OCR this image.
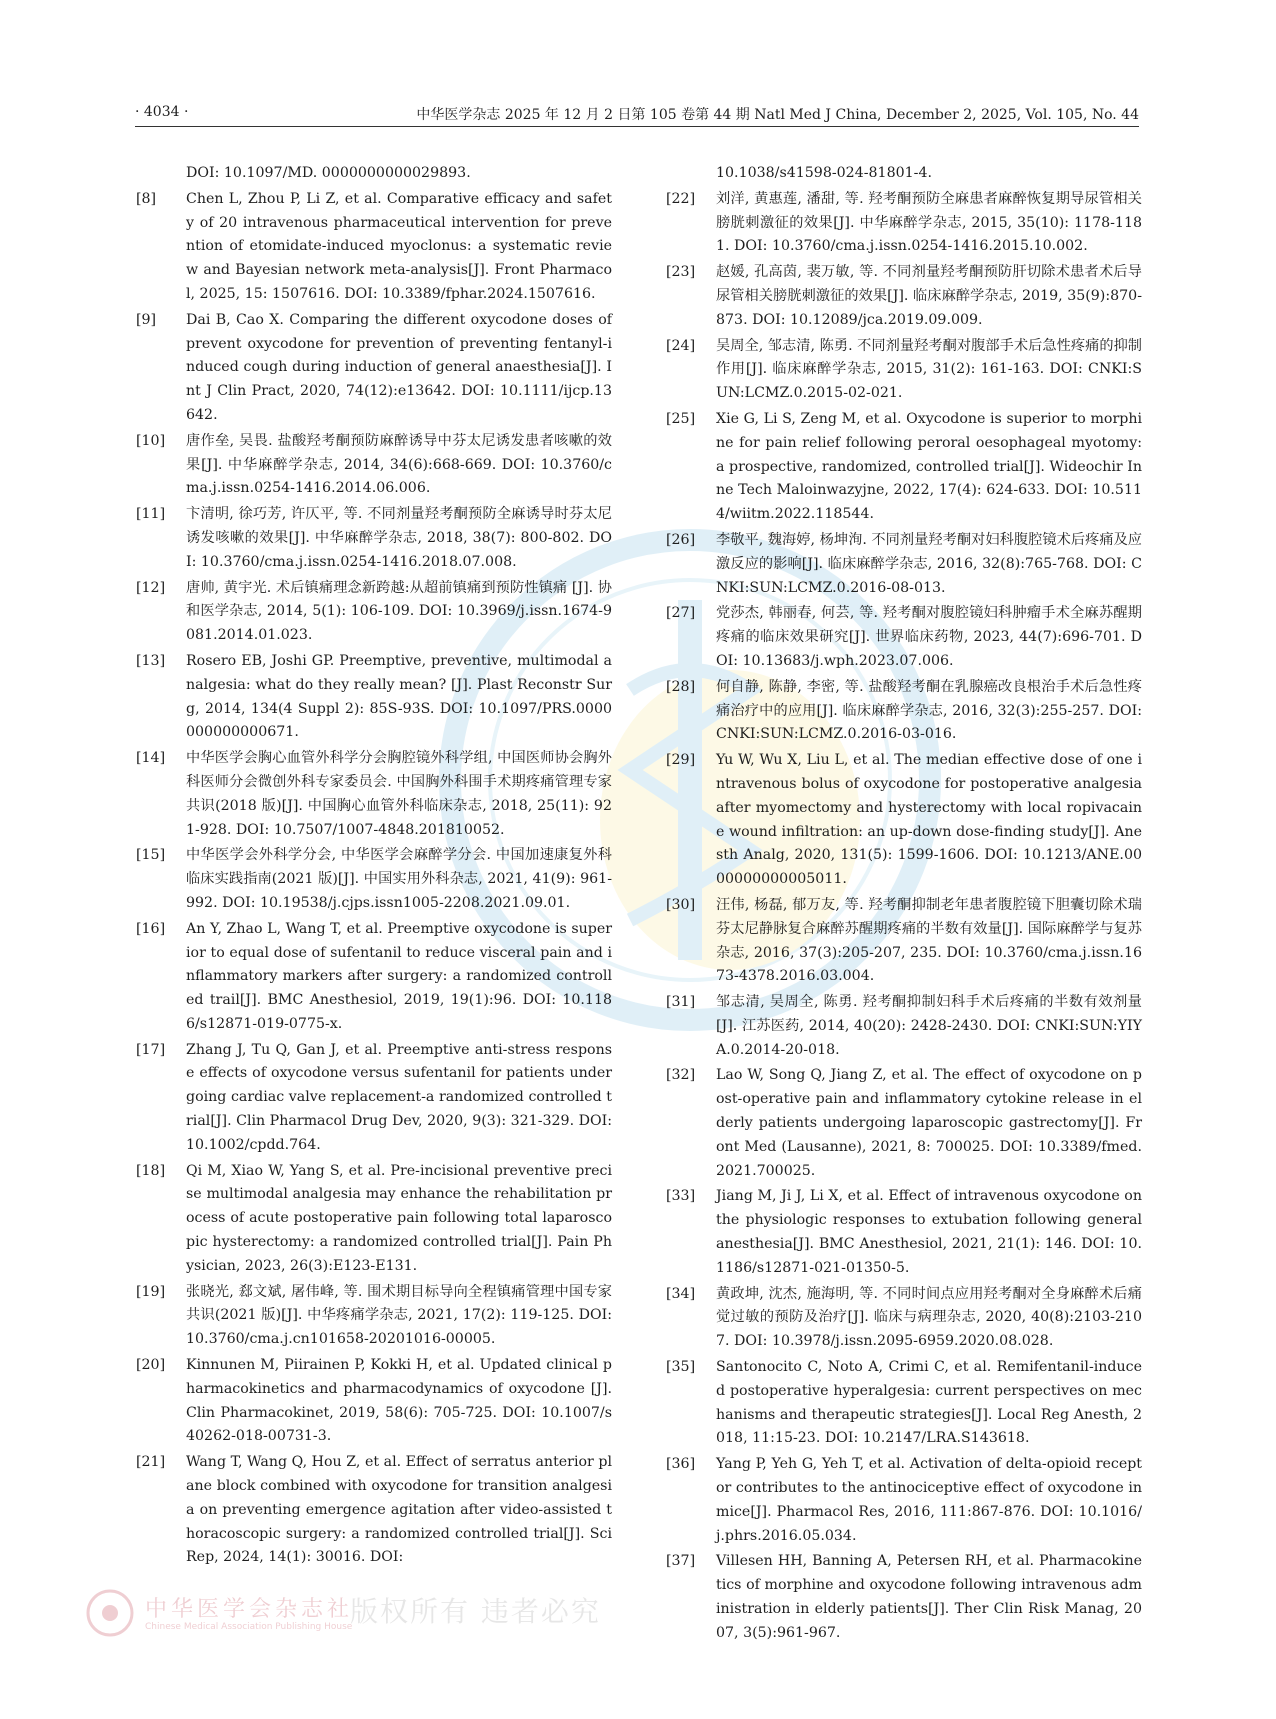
· 4034 ·	中华医学杂志 2025 年 12 月 2 日第 105 卷第 44 期 Natl Med J China, December 2, 2025, Vol. 105, No. 44
DOI: 10.1097/MD. 0000000000029893.
[8]	Chen L, Zhou P, Li Z, et al. Comparative efficacy and safety of 20 intravenous pharmaceutical intervention for prevention of etomidate-induced myoclonus: a systematic review and Bayesian network meta-analysis[J]. Front Pharmacol, 2025, 15: 1507616. DOI: 10.3389/fphar.2024.1507616.
[9]	Dai B, Cao X. Comparing the different oxycodone doses of prevent oxycodone for prevention of preventing fentanyl-induced cough during induction of general anaesthesia[J]. Int J Clin Pract, 2020, 74(12):e13642. DOI: 10.1111/ijcp.13642.
[10]	唐作垒, 吴畏. 盐酸羟考酮预防麻醉诱导中芬太尼诱发患者咳嗽的效果[J]. 中华麻醉学杂志, 2014, 34(6):668-669. DOI: 10.3760/cma.j.issn.0254-1416.2014.06.006.
[11]	卞清明, 徐巧芳, 许仄平, 等. 不同剂量羟考酮预防全麻诱导时芬太尼诱发咳嗽的效果[J]. 中华麻醉学杂志, 2018, 38(7): 800-802. DOI: 10.3760/cma.j.issn.0254-1416.2018.07.008.
[12]	唐帅, 黄宇光. 术后镇痛理念新跨越:从超前镇痛到预防性镇痛 [J]. 协和医学杂志, 2014, 5(1): 106-109. DOI: 10.3969/j.issn.1674-9081.2014.01.023.
[13]	Rosero EB, Joshi GP. Preemptive, preventive, multimodal analgesia: what do they really mean? [J]. Plast Reconstr Surg, 2014, 134(4 Suppl 2): 85S-93S. DOI: 10.1097/PRS.0000000000000671.
[14]	中华医学会胸心血管外科学分会胸腔镜外科学组, 中国医师协会胸外科医师分会微创外科专家委员会. 中国胸外科围手术期疼痛管理专家共识(2018 版)[J]. 中国胸心血管外科临床杂志, 2018, 25(11): 921-928. DOI: 10.7507/1007-4848.201810052.
[15]	中华医学会外科学分会, 中华医学会麻醉学分会. 中国加速康复外科临床实践指南(2021 版)[J]. 中国实用外科杂志, 2021, 41(9): 961-992. DOI: 10.19538/j.cjps.issn1005-2208.2021.09.01.
[16]	An Y, Zhao L, Wang T, et al. Preemptive oxycodone is superior to equal dose of sufentanil to reduce visceral pain and inflammatory markers after surgery: a randomized controlled trail[J]. BMC Anesthesiol, 2019, 19(1):96. DOI: 10.1186/s12871-019-0775-x.
[17]	Zhang J, Tu Q, Gan J, et al. Preemptive anti-stress response effects of oxycodone versus sufentanil for patients undergoing cardiac valve replacement-a randomized controlled trial[J]. Clin Pharmacol Drug Dev, 2020, 9(3): 321-329. DOI: 10.1002/cpdd.764.
[18]	Qi M, Xiao W, Yang S, et al. Pre-incisional preventive precise multimodal analgesia may enhance the rehabilitation process of acute postoperative pain following total laparoscopic hysterectomy: a randomized controlled trial[J]. Pain Physician, 2023, 26(3):E123-E131.
[19]	张晓光, 郄文斌, 屠伟峰, 等. 围术期目标导向全程镇痛管理中国专家共识(2021 版)[J]. 中华疼痛学杂志, 2021, 17(2): 119-125. DOI: 10.3760/cma.j.cn101658-20201016-00005.
[20]	Kinnunen M, Piirainen P, Kokki H, et al. Updated clinical pharmacokinetics and pharmacodynamics of oxycodone [J]. Clin Pharmacokinet, 2019, 58(6): 705-725. DOI: 10.1007/s40262-018-00731-3.
[21]	Wang T, Wang Q, Hou Z, et al. Effect of serratus anterior plane block combined with oxycodone for transition analgesia on preventing emergence agitation after video-assisted thoracoscopic surgery: a randomized controlled trial[J]. Sci Rep, 2024, 14(1): 30016. DOI:
10.1038/s41598-024-81801-4.
[22]	刘洋, 黄惠莲, 潘甜, 等. 羟考酮预防全麻患者麻醉恢复期导尿管相关膀胱刺激征的效果[J]. 中华麻醉学杂志, 2015, 35(10): 1178-1181. DOI: 10.3760/cma.j.issn.0254-1416.2015.10.002.
[23]	赵媛, 孔高茵, 裴万敏, 等. 不同剂量羟考酮预防肝切除术患者术后导尿管相关膀胱刺激征的效果[J]. 临床麻醉学杂志, 2019, 35(9):870-873. DOI: 10.12089/jca.2019.09.009.
[24]	吴周全, 邹志清, 陈勇. 不同剂量羟考酮对腹部手术后急性疼痛的抑制作用[J]. 临床麻醉学杂志, 2015, 31(2): 161-163. DOI: CNKI:SUN:LCMZ.0.2015-02-021.
[25]	Xie G, Li S, Zeng M, et al. Oxycodone is superior to morphine for pain relief following peroral oesophageal myotomy: a prospective, randomized, controlled trial[J]. Wideochir Inne Tech Maloinwazyjne, 2022, 17(4): 624-633. DOI: 10.5114/wiitm.2022.118544.
[26]	李敬平, 魏海婷, 杨坤洵. 不同剂量羟考酮对妇科腹腔镜术后疼痛及应激反应的影响[J]. 临床麻醉学杂志, 2016, 32(8):765-768. DOI: CNKI:SUN:LCMZ.0.2016-08-013.
[27]	党莎杰, 韩丽春, 何芸, 等. 羟考酮对腹腔镜妇科肿瘤手术全麻苏醒期疼痛的临床效果研究[J]. 世界临床药物, 2023, 44(7):696-701. DOI: 10.13683/j.wph.2023.07.006.
[28]	何自静, 陈静, 李密, 等. 盐酸羟考酮在乳腺癌改良根治手术后急性疼痛治疗中的应用[J]. 临床麻醉学杂志, 2016, 32(3):255-257. DOI: CNKI:SUN:LCMZ.0.2016-03-016.
[29]	Yu W, Wu X, Liu L, et al. The median effective dose of one intravenous bolus of oxycodone for postoperative analgesia after myomectomy and hysterectomy with local ropivacaine wound infiltration: an up-down dose-finding study[J]. Anesth Analg, 2020, 131(5): 1599-1606. DOI: 10.1213/ANE.0000000000005011.
[30]	汪伟, 杨磊, 郁万友, 等. 羟考酮抑制老年患者腹腔镜下胆囊切除术瑞芬太尼静脉复合麻醉苏醒期疼痛的半数有效量[J]. 国际麻醉学与复苏杂志, 2016, 37(3):205-207, 235. DOI: 10.3760/cma.j.issn.1673-4378.2016.03.004.
[31]	邹志清, 吴周全, 陈勇. 羟考酮抑制妇科手术后疼痛的半数有效剂量[J]. 江苏医药, 2014, 40(20): 2428-2430. DOI: CNKI:SUN:YIYA.0.2014-20-018.
[32]	Lao W, Song Q, Jiang Z, et al. The effect of oxycodone on post-operative pain and inflammatory cytokine release in elderly patients undergoing laparoscopic gastrectomy[J]. Front Med (Lausanne), 2021, 8: 700025. DOI: 10.3389/fmed.2021.700025.
[33]	Jiang M, Ji J, Li X, et al. Effect of intravenous oxycodone on the physiologic responses to extubation following general anesthesia[J]. BMC Anesthesiol, 2021, 21(1): 146. DOI: 10.1186/s12871-021-01350-5.
[34]	黄政坤, 沈杰, 施海明, 等. 不同时间点应用羟考酮对全身麻醉术后痛觉过敏的预防及治疗[J]. 临床与病理杂志, 2020, 40(8):2103-2107. DOI: 10.3978/j.issn.2095-6959.2020.08.028.
[35]	Santonocito C, Noto A, Crimi C, et al. Remifentanil-induced postoperative hyperalgesia: current perspectives on mechanisms and therapeutic strategies[J]. Local Reg Anesth, 2018, 11:15-23. DOI: 10.2147/LRA.S143618.
[36]	Yang P, Yeh G, Yeh T, et al. Activation of delta-opioid receptor contributes to the antinociceptive effect of oxycodone in mice[J]. Pharmacol Res, 2016, 111:867-876. DOI: 10.1016/j.phrs.2016.05.034.
[37]	Villesen HH, Banning A, Petersen RH, et al. Pharmacokinetics of morphine and oxycodone following intravenous administration in elderly patients[J]. Ther Clin Risk Manag, 2007, 3(5):961-967.
中华医学会杂志社
Chinese Medical Association Publishing House
版权所有 违者必究
